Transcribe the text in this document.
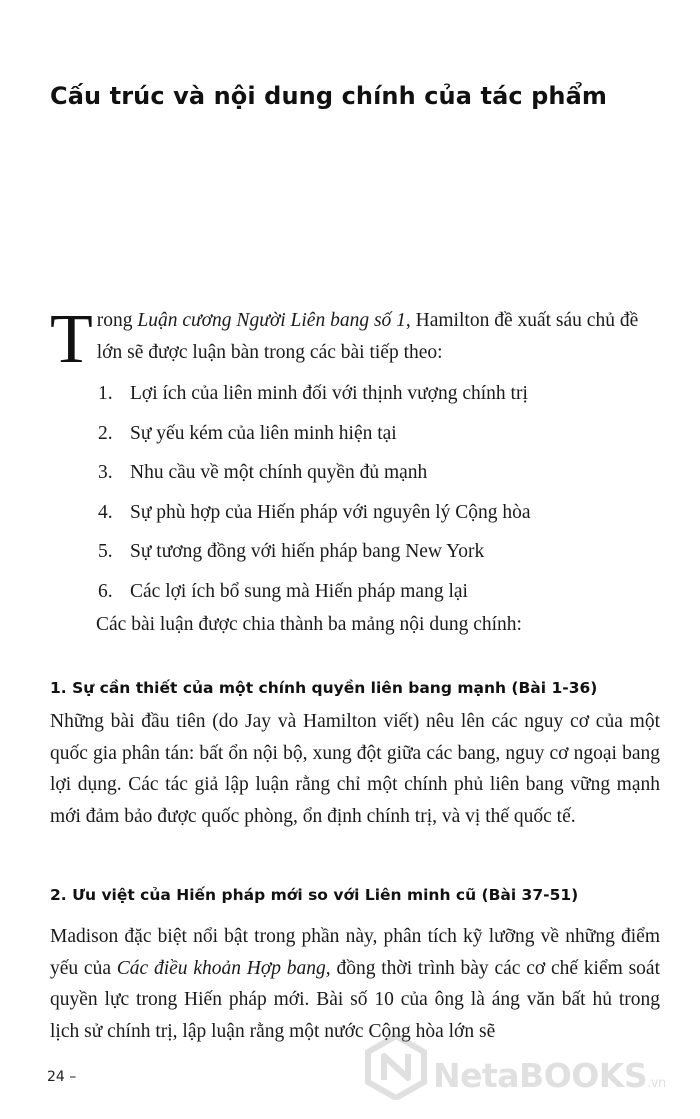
Cấu trúc và nội dung chính của tác phẩm

Trong Luận cương Người Liên bang số 1, Hamilton đề xuất sáu chủ đề lớn sẽ được luận bàn trong các bài tiếp theo:

1. Lợi ích của liên minh đối với thịnh vượng chính trị
2. Sự yếu kém của liên minh hiện tại
3. Nhu cầu về một chính quyền đủ mạnh
4. Sự phù hợp của Hiến pháp với nguyên lý Cộng hòa
5. Sự tương đồng với hiến pháp bang New York
6. Các lợi ích bổ sung mà Hiến pháp mang lại

Các bài luận được chia thành ba mảng nội dung chính:

1. Sự cần thiết của một chính quyền liên bang mạnh (Bài 1-36)

Những bài đầu tiên (do Jay và Hamilton viết) nêu lên các nguy cơ của một quốc gia phân tán: bất ổn nội bộ, xung đột giữa các bang, nguy cơ ngoại bang lợi dụng. Các tác giả lập luận rằng chỉ một chính phủ liên bang vững mạnh mới đảm bảo được quốc phòng, ổn định chính trị, và vị thế quốc tế.

2. Ưu việt của Hiến pháp mới so với Liên minh cũ (Bài 37-51)

Madison đặc biệt nổi bật trong phần này, phân tích kỹ lưỡng về những điểm yếu của Các điều khoản Hợp bang, đồng thời trình bày các cơ chế kiểm soát quyền lực trong Hiến pháp mới. Bài số 10 của ông là áng văn bất hủ trong lịch sử chính trị, lập luận rằng một nước Cộng hòa lớn sẽ

24 –	NetaBOOKS.vn
